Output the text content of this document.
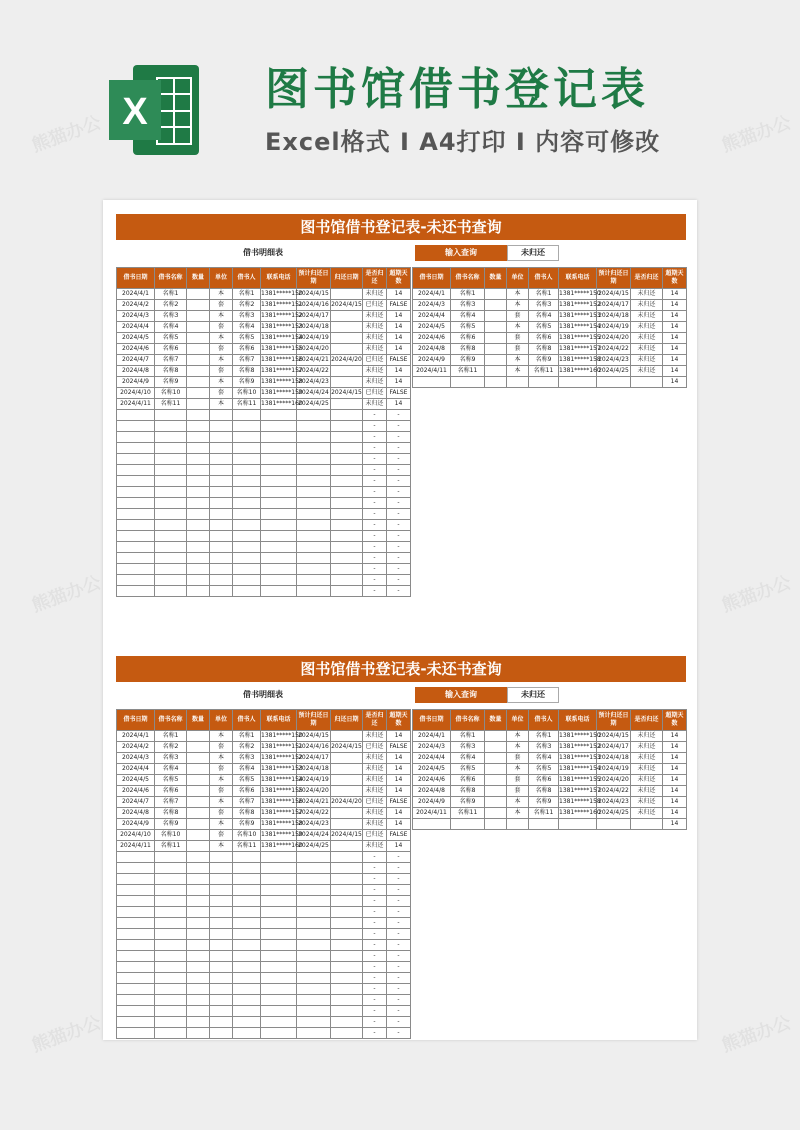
X	图书馆借书登记表
Excel格式 I A4打印 I 内容可修改
图书馆借书登记表-未还书查询
借书明细表	输入查询	未归还
借书日期	借书名称	数量	单位	借书人	联系电话	预计归还日期	归还日期	是否归还	超期天数
2024/4/1	名称1		本	名称1	1381*****150	2024/4/15		未归还	14
2024/4/2	名称2		套	名称2	1381*****151	2024/4/16	2024/4/15	已归还	FALSE
2024/4/3	名称3		本	名称3	1381*****152	2024/4/17		未归还	14
2024/4/4	名称4		套	名称4	1381*****153	2024/4/18		未归还	14
2024/4/5	名称5		本	名称5	1381*****154	2024/4/19		未归还	14
2024/4/6	名称6		套	名称6	1381*****155	2024/4/20		未归还	14
2024/4/7	名称7		本	名称7	1381*****156	2024/4/21	2024/4/20	已归还	FALSE
2024/4/8	名称8		套	名称8	1381*****157	2024/4/22		未归还	14
2024/4/9	名称9		本	名称9	1381*****158	2024/4/23		未归还	14
2024/4/10	名称10		套	名称10	1381*****159	2024/4/24	2024/4/15	已归还	FALSE
2024/4/11	名称11		本	名称11	1381*****160	2024/4/25		未归还	14
								-	-
								-	-
								-	-
								-	-
								-	-
								-	-
								-	-
								-	-
								-	-
								-	-
								-	-
								-	-
								-	-
								-	-
								-	-
								-	-
								-	-
借书日期	借书名称	数量	单位	借书人	联系电话	预计归还日期	是否归还	超期天数
2024/4/1	名称1		本	名称1	1381*****150	2024/4/15	未归还	14
2024/4/3	名称3		本	名称3	1381*****152	2024/4/17	未归还	14
2024/4/4	名称4		套	名称4	1381*****153	2024/4/18	未归还	14
2024/4/5	名称5		本	名称5	1381*****154	2024/4/19	未归还	14
2024/4/6	名称6		套	名称6	1381*****155	2024/4/20	未归还	14
2024/4/8	名称8		套	名称8	1381*****157	2024/4/22	未归还	14
2024/4/9	名称9		本	名称9	1381*****158	2024/4/23	未归还	14
2024/4/11	名称11		本	名称11	1381*****160	2024/4/25	未归还	14
								14
图书馆借书登记表-未还书查询
借书明细表	输入查询	未归还
借书日期	借书名称	数量	单位	借书人	联系电话	预计归还日期	归还日期	是否归还	超期天数
2024/4/1	名称1		本	名称1	1381*****150	2024/4/15		未归还	14
2024/4/2	名称2		套	名称2	1381*****151	2024/4/16	2024/4/15	已归还	FALSE
2024/4/3	名称3		本	名称3	1381*****152	2024/4/17		未归还	14
2024/4/4	名称4		套	名称4	1381*****153	2024/4/18		未归还	14
2024/4/5	名称5		本	名称5	1381*****154	2024/4/19		未归还	14
2024/4/6	名称6		套	名称6	1381*****155	2024/4/20		未归还	14
2024/4/7	名称7		本	名称7	1381*****156	2024/4/21	2024/4/20	已归还	FALSE
2024/4/8	名称8		套	名称8	1381*****157	2024/4/22		未归还	14
2024/4/9	名称9		本	名称9	1381*****158	2024/4/23		未归还	14
2024/4/10	名称10		套	名称10	1381*****159	2024/4/24	2024/4/15	已归还	FALSE
2024/4/11	名称11		本	名称11	1381*****160	2024/4/25		未归还	14
								-	-
								-	-
								-	-
								-	-
								-	-
								-	-
								-	-
								-	-
								-	-
								-	-
								-	-
								-	-
								-	-
								-	-
								-	-
								-	-
								-	-
借书日期	借书名称	数量	单位	借书人	联系电话	预计归还日期	是否归还	超期天数
2024/4/1	名称1		本	名称1	1381*****150	2024/4/15	未归还	14
2024/4/3	名称3		本	名称3	1381*****152	2024/4/17	未归还	14
2024/4/4	名称4		套	名称4	1381*****153	2024/4/18	未归还	14
2024/4/5	名称5		本	名称5	1381*****154	2024/4/19	未归还	14
2024/4/6	名称6		套	名称6	1381*****155	2024/4/20	未归还	14
2024/4/8	名称8		套	名称8	1381*****157	2024/4/22	未归还	14
2024/4/9	名称9		本	名称9	1381*****158	2024/4/23	未归还	14
2024/4/11	名称11		本	名称11	1381*****160	2024/4/25	未归还	14
								14
熊猫办公	熊猫办公
熊猫办公	熊猫办公
熊猫办公	熊猫办公
